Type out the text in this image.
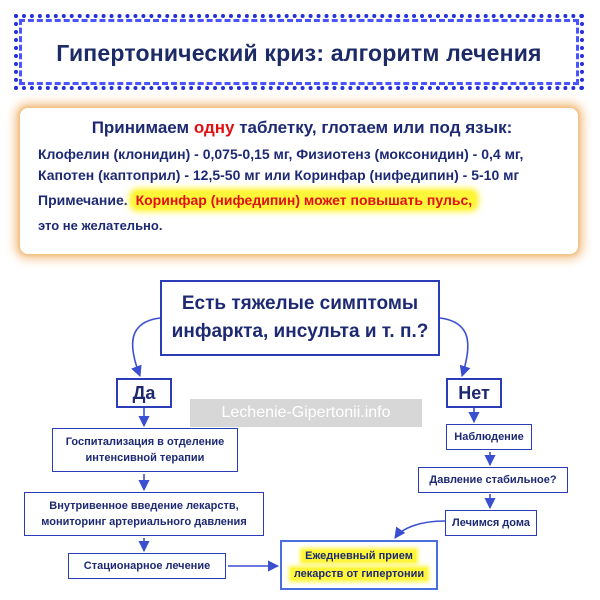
Гипертонический криз: алгоритм лечения
Принимаем одну таблетку, глотаем или под язык:
Клофелин (клонидин) - 0,075-0,15 мг, Физиотенз (моксонидин) - 0,4 мг,
Капотен (каптоприл) - 12,5-50 мг или Коринфар (нифедипин) - 5-10 мг
Примечание. Коринфар (нифедипин) может повышать пульс,
это не желательно.
Есть тяжелые симптомы
инфаркта, инсульта и т. п.?
Да	Нет
Госпитализация в отделение
интенсивной терапии
Внутривенное введение лекарств,
мониторинг артериального давления
Стационарное лечение
Наблюдение
Давление стабильное?
Лечимся дома
Ежедневный прием
лекарств от гипертонии
Lechenie-Gipertonii.info
